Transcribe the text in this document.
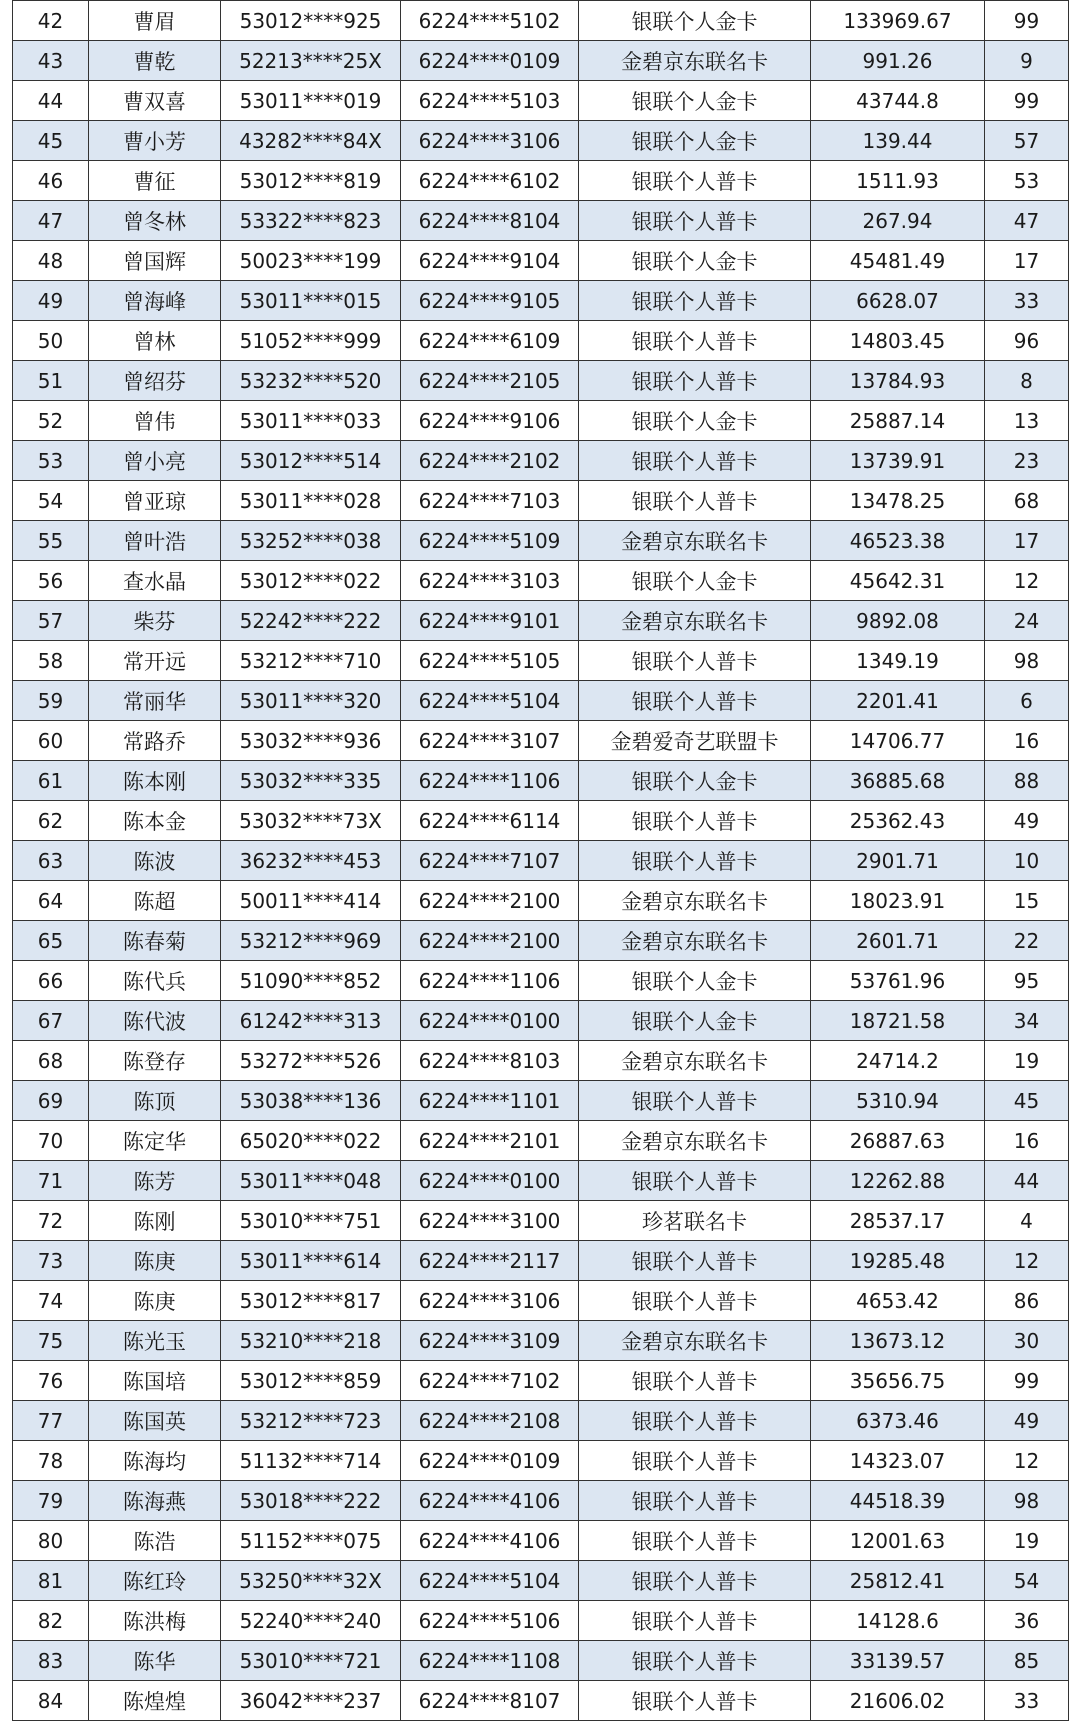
42	曹眉	53012****925	6224****5102	银联个人金卡	133969.67	99
43	曹乾	52213****25X	6224****0109	金碧京东联名卡	991.26	9
44	曹双喜	53011****019	6224****5103	银联个人金卡	43744.8	99
45	曹小芳	43282****84X	6224****3106	银联个人金卡	139.44	57
46	曹征	53012****819	6224****6102	银联个人普卡	1511.93	53
47	曾冬林	53322****823	6224****8104	银联个人普卡	267.94	47
48	曾国辉	50023****199	6224****9104	银联个人金卡	45481.49	17
49	曾海峰	53011****015	6224****9105	银联个人普卡	6628.07	33
50	曾林	51052****999	6224****6109	银联个人普卡	14803.45	96
51	曾绍芬	53232****520	6224****2105	银联个人普卡	13784.93	8
52	曾伟	53011****033	6224****9106	银联个人金卡	25887.14	13
53	曾小亮	53012****514	6224****2102	银联个人普卡	13739.91	23
54	曾亚琼	53011****028	6224****7103	银联个人普卡	13478.25	68
55	曾叶浩	53252****038	6224****5109	金碧京东联名卡	46523.38	17
56	查水晶	53012****022	6224****3103	银联个人金卡	45642.31	12
57	柴芬	52242****222	6224****9101	金碧京东联名卡	9892.08	24
58	常开远	53212****710	6224****5105	银联个人普卡	1349.19	98
59	常丽华	53011****320	6224****5104	银联个人普卡	2201.41	6
60	常路乔	53032****936	6224****3107	金碧爱奇艺联盟卡	14706.77	16
61	陈本刚	53032****335	6224****1106	银联个人金卡	36885.68	88
62	陈本金	53032****73X	6224****6114	银联个人普卡	25362.43	49
63	陈波	36232****453	6224****7107	银联个人普卡	2901.71	10
64	陈超	50011****414	6224****2100	金碧京东联名卡	18023.91	15
65	陈春菊	53212****969	6224****2100	金碧京东联名卡	2601.71	22
66	陈代兵	51090****852	6224****1106	银联个人金卡	53761.96	95
67	陈代波	61242****313	6224****0100	银联个人金卡	18721.58	34
68	陈登存	53272****526	6224****8103	金碧京东联名卡	24714.2	19
69	陈顶	53038****136	6224****1101	银联个人普卡	5310.94	45
70	陈定华	65020****022	6224****2101	金碧京东联名卡	26887.63	16
71	陈芳	53011****048	6224****0100	银联个人普卡	12262.88	44
72	陈刚	53010****751	6224****3100	珍茗联名卡	28537.17	4
73	陈庚	53011****614	6224****2117	银联个人普卡	19285.48	12
74	陈庚	53012****817	6224****3106	银联个人普卡	4653.42	86
75	陈光玉	53210****218	6224****3109	金碧京东联名卡	13673.12	30
76	陈国培	53012****859	6224****7102	银联个人普卡	35656.75	99
77	陈国英	53212****723	6224****2108	银联个人普卡	6373.46	49
78	陈海均	51132****714	6224****0109	银联个人普卡	14323.07	12
79	陈海燕	53018****222	6224****4106	银联个人普卡	44518.39	98
80	陈浩	51152****075	6224****4106	银联个人普卡	12001.63	19
81	陈红玲	53250****32X	6224****5104	银联个人普卡	25812.41	54
82	陈洪梅	52240****240	6224****5106	银联个人普卡	14128.6	36
83	陈华	53010****721	6224****1108	银联个人普卡	33139.57	85
84	陈煌煌	36042****237	6224****8107	银联个人普卡	21606.02	33
